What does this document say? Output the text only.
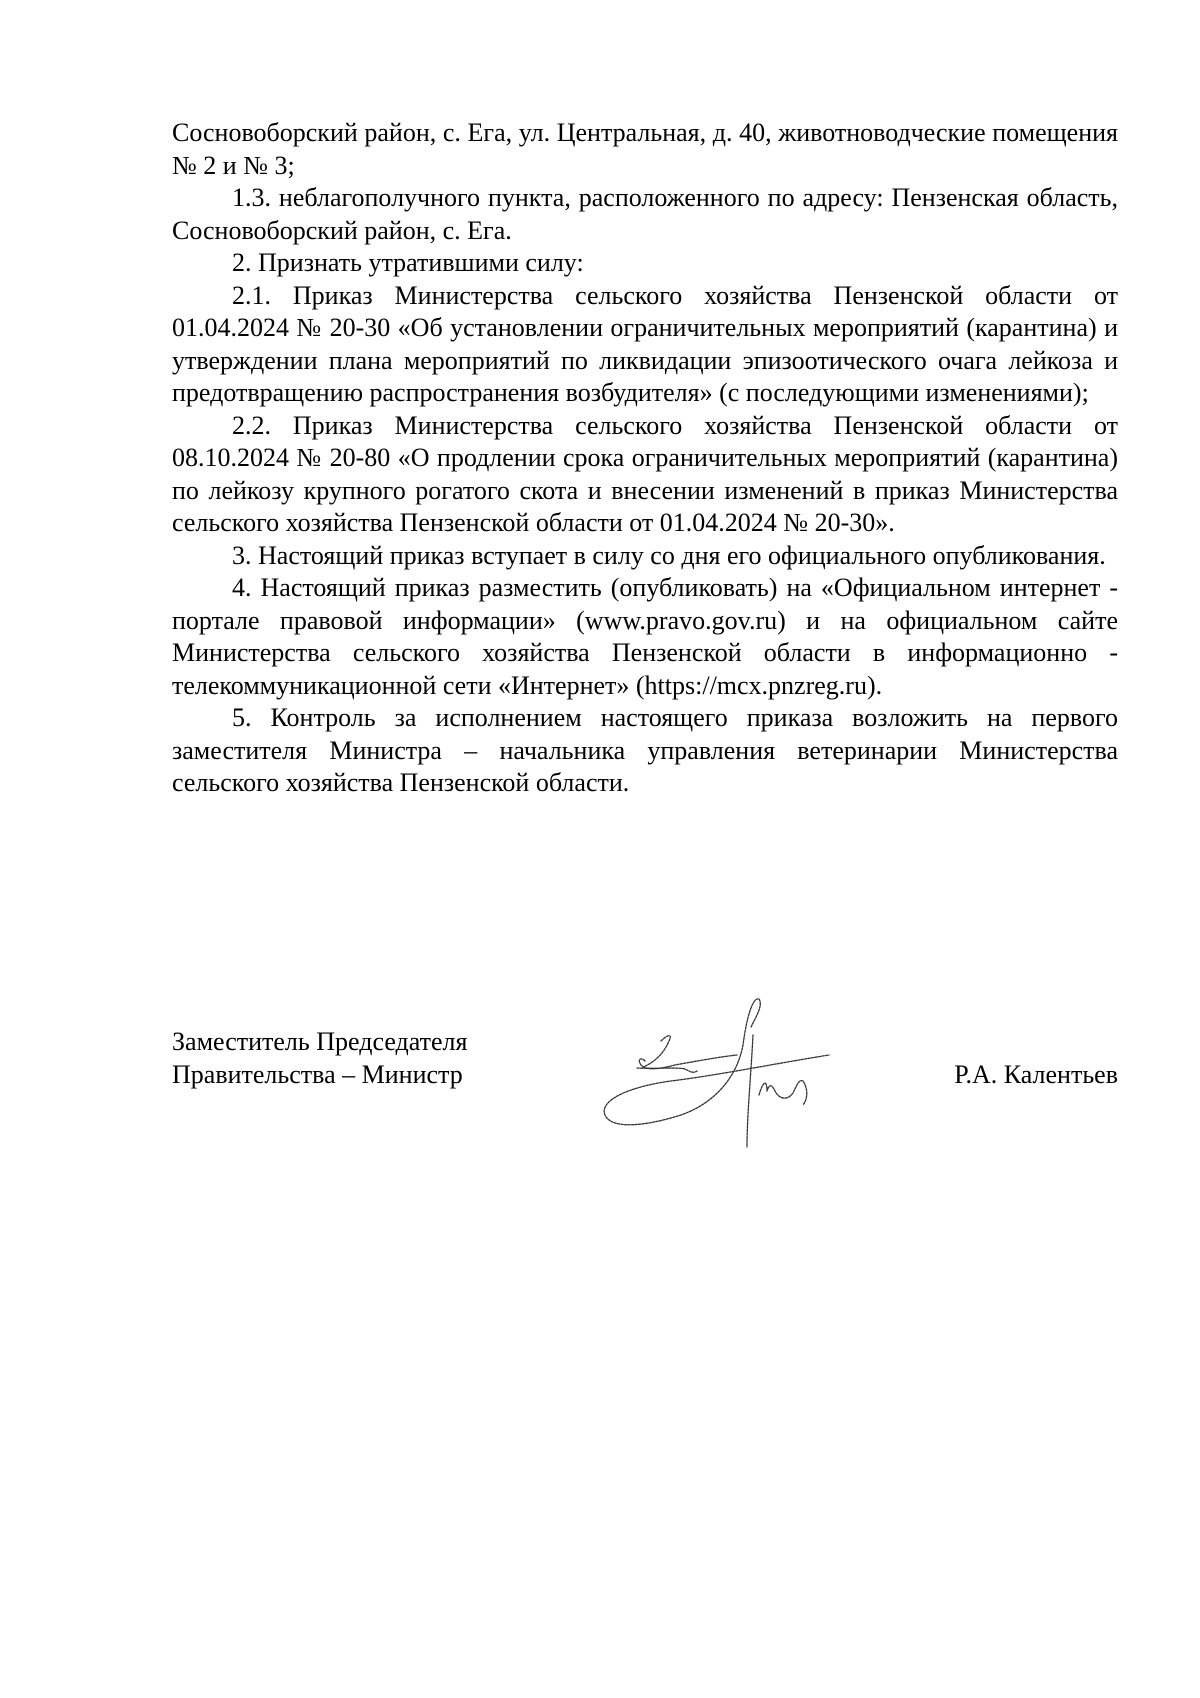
Сосновоборский район, с. Ега, ул. Центральная, д. 40, животноводческие помещения № 2 и № 3;

1.3. неблагополучного пункта, расположенного по адресу: Пензенская область, Сосновоборский район, с. Ега.

2. Признать утратившими силу:

2.1. Приказ Министерства сельского хозяйства Пензенской области от 01.04.2024 № 20-30 «Об установлении ограничительных мероприятий (карантина) и утверждении плана мероприятий по ликвидации эпизоотического очага лейкоза и предотвращению распространения возбудителя» (с последующими изменениями);

2.2. Приказ Министерства сельского хозяйства Пензенской области от 08.10.2024 № 20-80 «О продлении срока ограничительных мероприятий (карантина) по лейкозу крупного рогатого скота и внесении изменений в приказ Министерства сельского хозяйства Пензенской области от 01.04.2024 № 20-30».

3. Настоящий приказ вступает в силу со дня его официального опубликования.

4. Настоящий приказ разместить (опубликовать) на «Официальном интернет - портале правовой информации» (www.pravo.gov.ru) и на официальном сайте Министерства сельского хозяйства Пензенской области в информационно - телекоммуникационной сети «Интернет» (https://mcx.pnzreg.ru).

5. Контроль за исполнением настоящего приказа возложить на первого заместителя Министра – начальника управления ветеринарии Министерства сельского хозяйства Пензенской области.

Заместитель Председателя
Правительства – Министр	Р.А. Калентьев
